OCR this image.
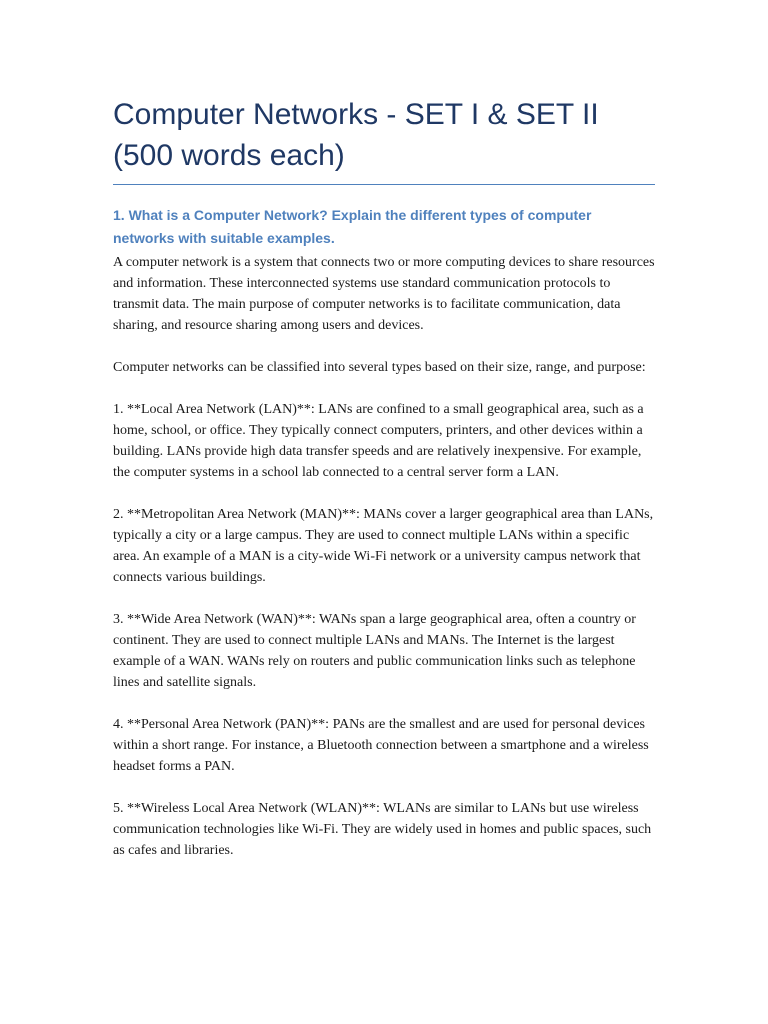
Computer Networks - SET I & SET II (500 words each)

1. What is a Computer Network? Explain the different types of computer networks with suitable examples.

A computer network is a system that connects two or more computing devices to share resources and information. These interconnected systems use standard communication protocols to transmit data. The main purpose of computer networks is to facilitate communication, data sharing, and resource sharing among users and devices.

Computer networks can be classified into several types based on their size, range, and purpose:

1. **Local Area Network (LAN)**: LANs are confined to a small geographical area, such as a home, school, or office. They typically connect computers, printers, and other devices within a building. LANs provide high data transfer speeds and are relatively inexpensive. For example, the computer systems in a school lab connected to a central server form a LAN.

2. **Metropolitan Area Network (MAN)**: MANs cover a larger geographical area than LANs, typically a city or a large campus. They are used to connect multiple LANs within a specific area. An example of a MAN is a city-wide Wi-Fi network or a university campus network that connects various buildings.

3. **Wide Area Network (WAN)**: WANs span a large geographical area, often a country or continent. They are used to connect multiple LANs and MANs. The Internet is the largest example of a WAN. WANs rely on routers and public communication links such as telephone lines and satellite signals.

4. **Personal Area Network (PAN)**: PANs are the smallest and are used for personal devices within a short range. For instance, a Bluetooth connection between a smartphone and a wireless headset forms a PAN.

5. **Wireless Local Area Network (WLAN)**: WLANs are similar to LANs but use wireless communication technologies like Wi-Fi. They are widely used in homes and public spaces, such as cafes and libraries.
